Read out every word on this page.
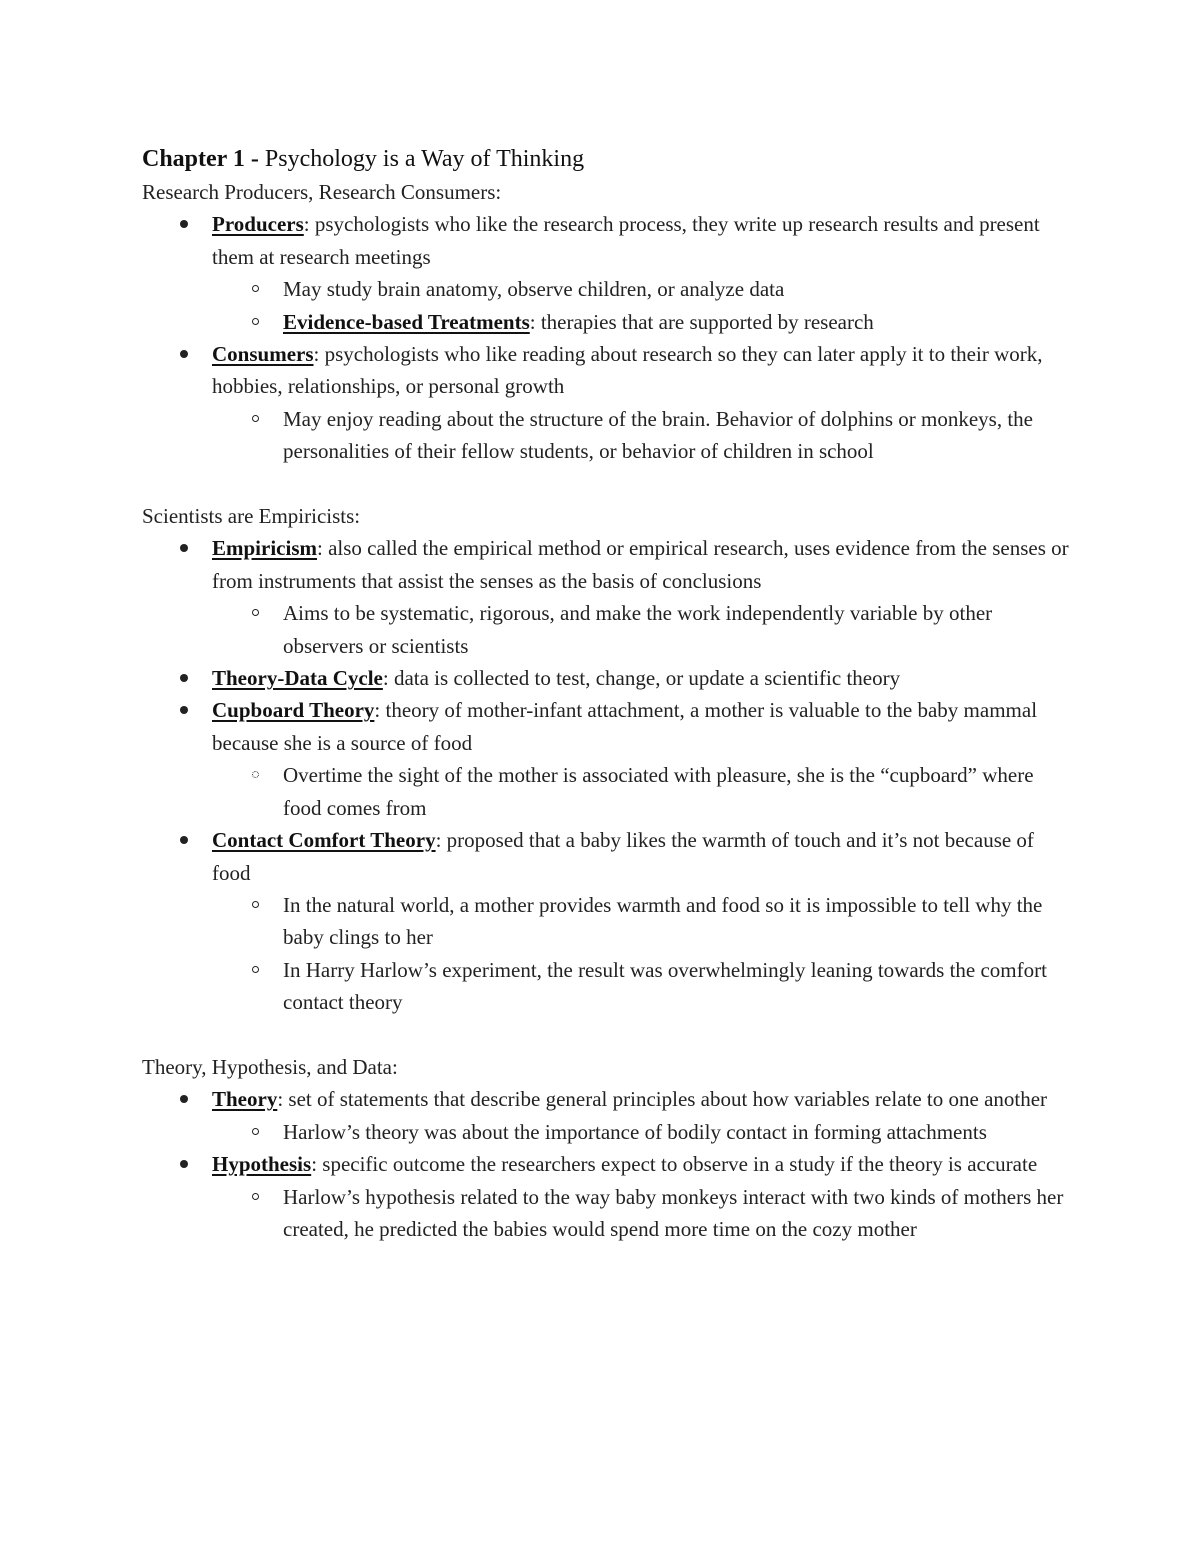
Chapter 1 - Psychology is a Way of Thinking

Research Producers, Research Consumers:

Producers: psychologists who like the research process, they write up research results and present them at research meetings
May study brain anatomy, observe children, or analyze data
Evidence-based Treatments: therapies that are supported by research
Consumers: psychologists who like reading about research so they can later apply it to their work, hobbies, relationships, or personal growth
May enjoy reading about the structure of the brain. Behavior of dolphins or monkeys, the personalities of their fellow students, or behavior of children in school

Scientists are Empiricists:

Empiricism: also called the empirical method or empirical research, uses evidence from the senses or from instruments that assist the senses as the basis of conclusions
Aims to be systematic, rigorous, and make the work independently variable by other observers or scientists
Theory-Data Cycle: data is collected to test, change, or update a scientific theory
Cupboard Theory: theory of mother-infant attachment, a mother is valuable to the baby mammal because she is a source of food
Overtime the sight of the mother is associated with pleasure, she is the “cupboard” where food comes from
Contact Comfort Theory: proposed that a baby likes the warmth of touch and it’s not because of food
In the natural world, a mother provides warmth and food so it is impossible to tell why the baby clings to her
In Harry Harlow’s experiment, the result was overwhelmingly leaning towards the comfort contact theory

Theory, Hypothesis, and Data:

Theory: set of statements that describe general principles about how variables relate to one another
Harlow’s theory was about the importance of bodily contact in forming attachments
Hypothesis: specific outcome the researchers expect to observe in a study if the theory is accurate
Harlow’s hypothesis related to the way baby monkeys interact with two kinds of mothers her created, he predicted the babies would spend more time on the cozy mother
